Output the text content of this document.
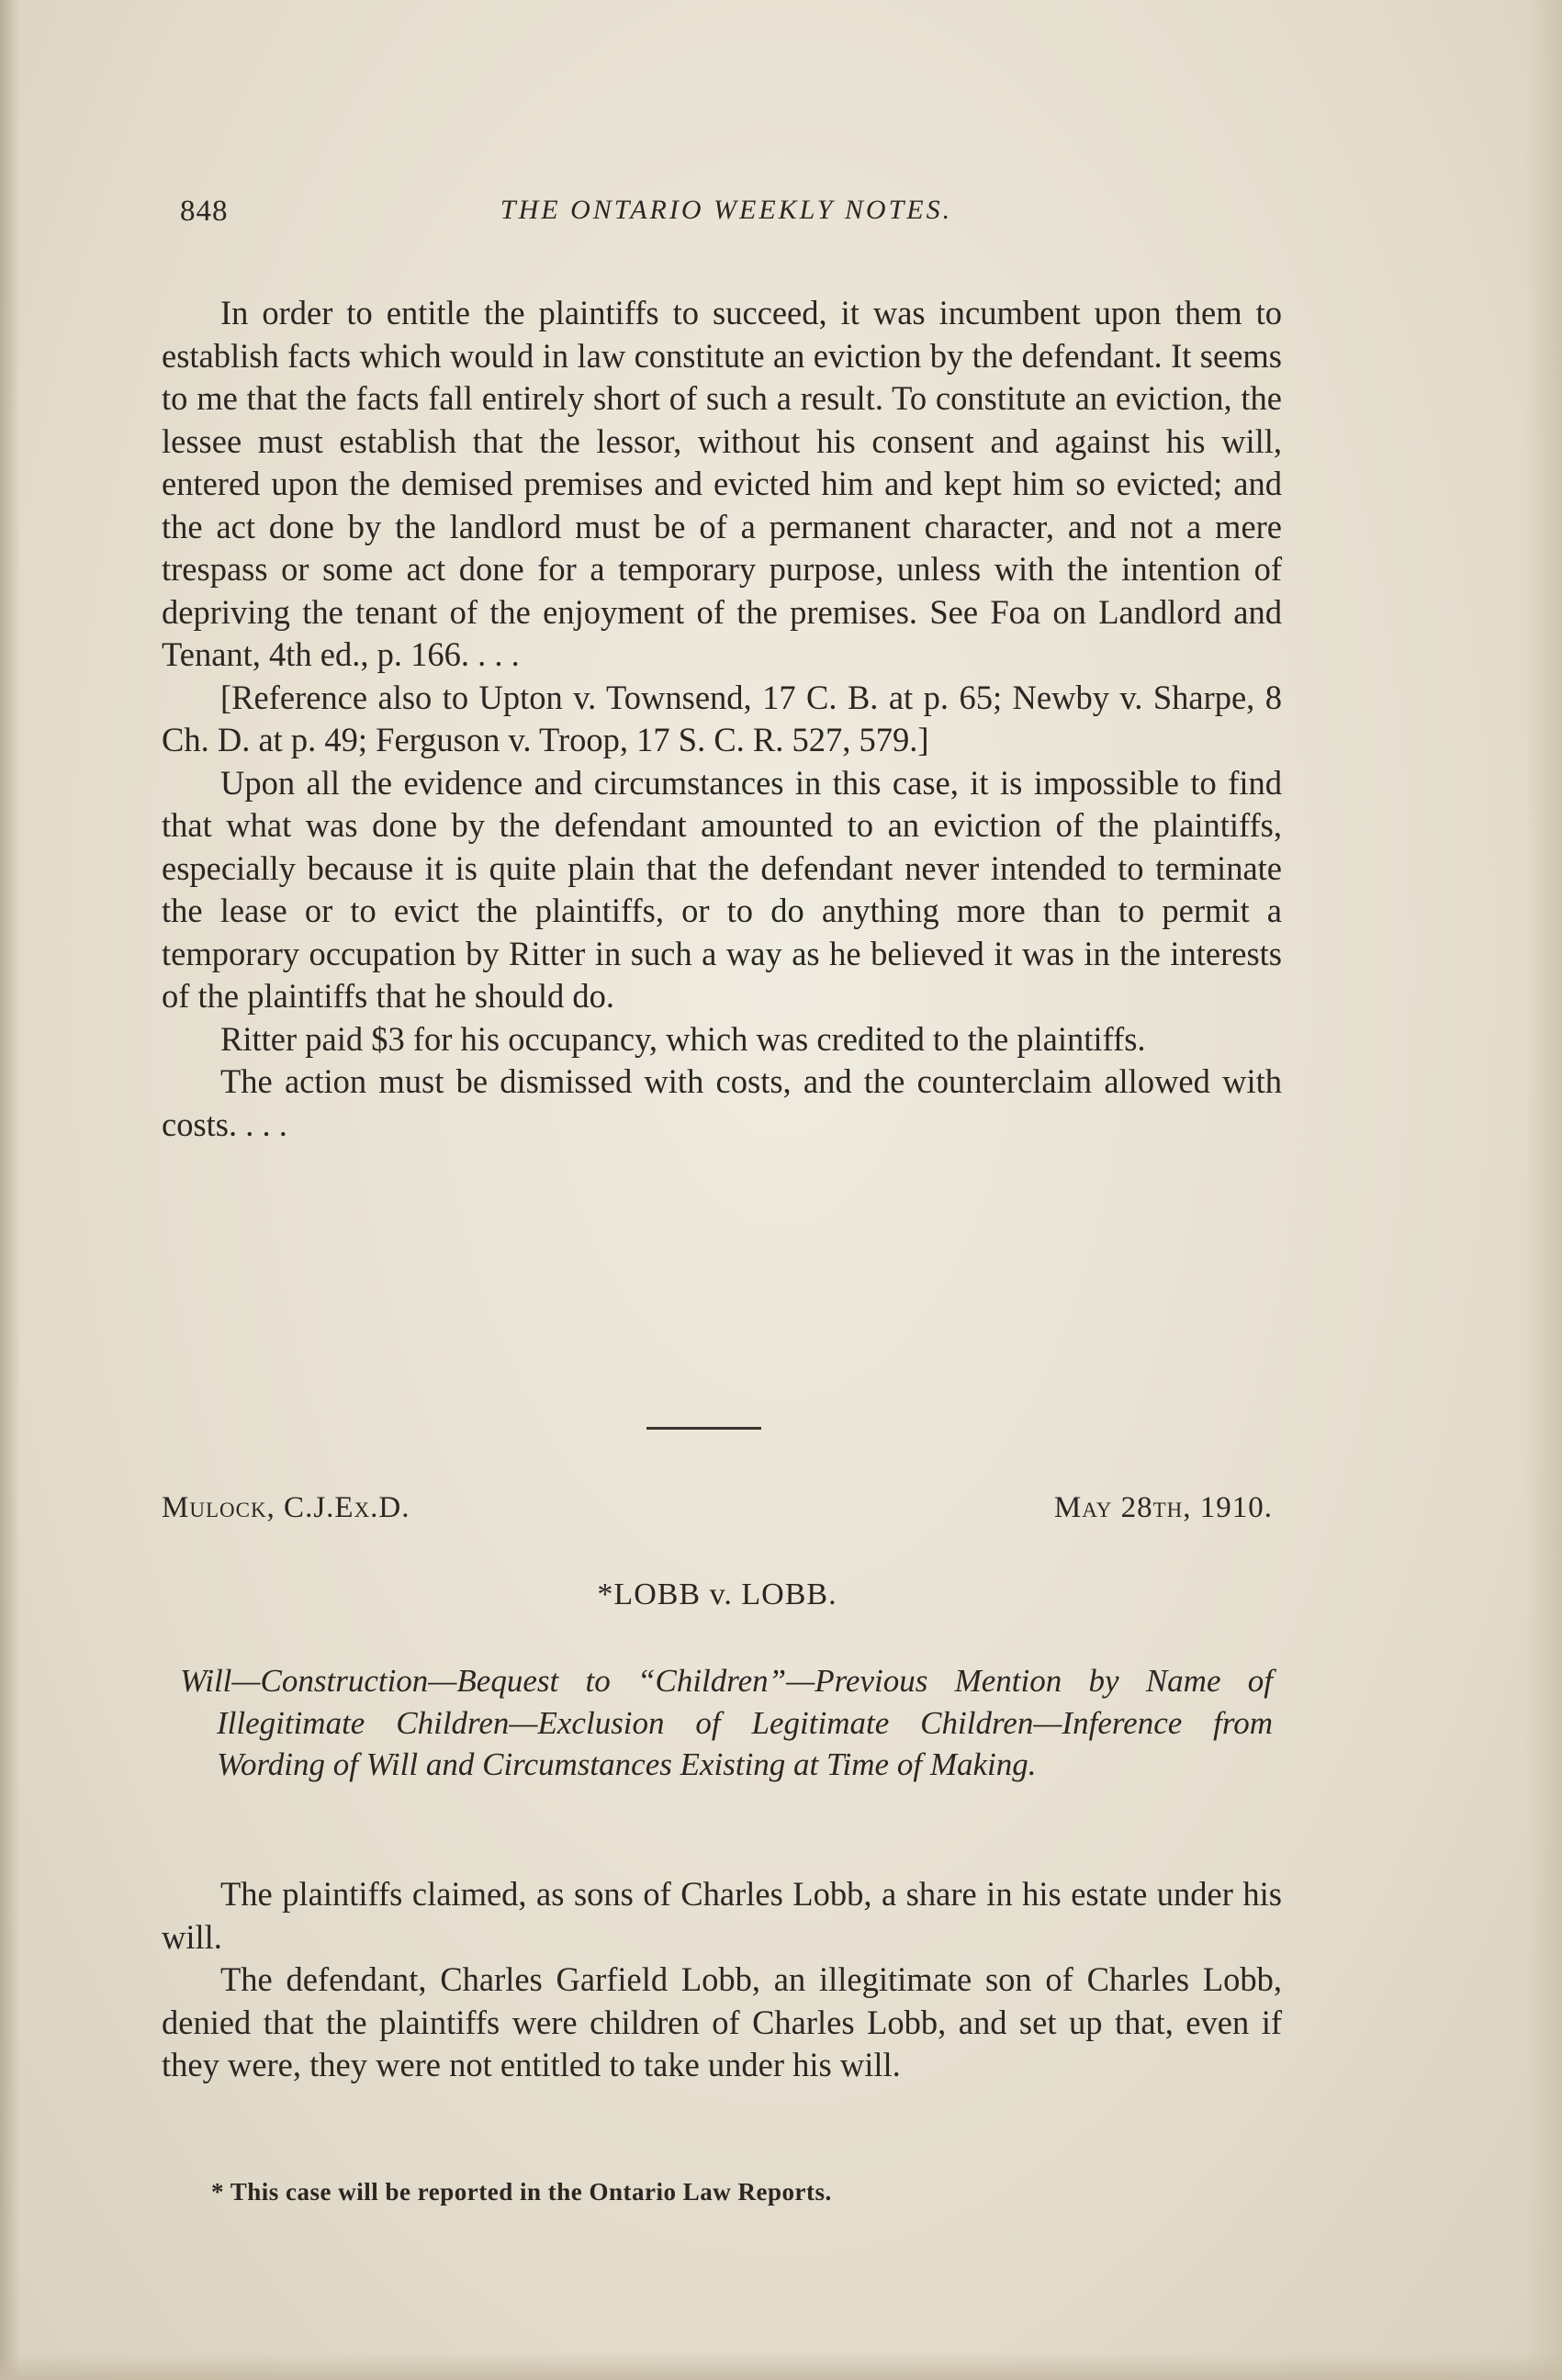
848	THE ONTARIO WEEKLY NOTES.

In order to entitle the plaintiffs to succeed, it was incumbent upon them to establish facts which would in law constitute an eviction by the defendant. It seems to me that the facts fall entirely short of such a result. To constitute an eviction, the lessee must establish that the lessor, without his consent and against his will, entered upon the demised premises and evicted him and kept him so evicted; and the act done by the landlord must be of a permanent character, and not a mere trespass or some act done for a temporary purpose, unless with the intention of depriving the tenant of the enjoyment of the premises. See Foa on Landlord and Tenant, 4th ed., p. 166. . . .

[Reference also to Upton v. Townsend, 17 C. B. at p. 65; Newby v. Sharpe, 8 Ch. D. at p. 49; Ferguson v. Troop, 17 S. C. R. 527, 579.]

Upon all the evidence and circumstances in this case, it is impossible to find that what was done by the defendant amounted to an eviction of the plaintiffs, especially because it is quite plain that the defendant never intended to terminate the lease or to evict the plaintiffs, or to do anything more than to permit a temporary occupation by Ritter in such a way as he believed it was in the interests of the plaintiffs that he should do.

Ritter paid $3 for his occupancy, which was credited to the plaintiffs.

The action must be dismissed with costs, and the counterclaim allowed with costs. . . .

Mulock, C.J.Ex.D.	May 28th, 1910.
*LOBB v. LOBB.
Will—Construction—Bequest to “Children”—Previous Mention by Name of Illegitimate Children—Exclusion of Legitimate Children—Inference from Wording of Will and Circumstances Existing at Time of Making.

The plaintiffs claimed, as sons of Charles Lobb, a share in his estate under his will.

The defendant, Charles Garfield Lobb, an illegitimate son of Charles Lobb, denied that the plaintiffs were children of Charles Lobb, and set up that, even if they were, they were not entitled to take under his will.

* This case will be reported in the Ontario Law Reports.
